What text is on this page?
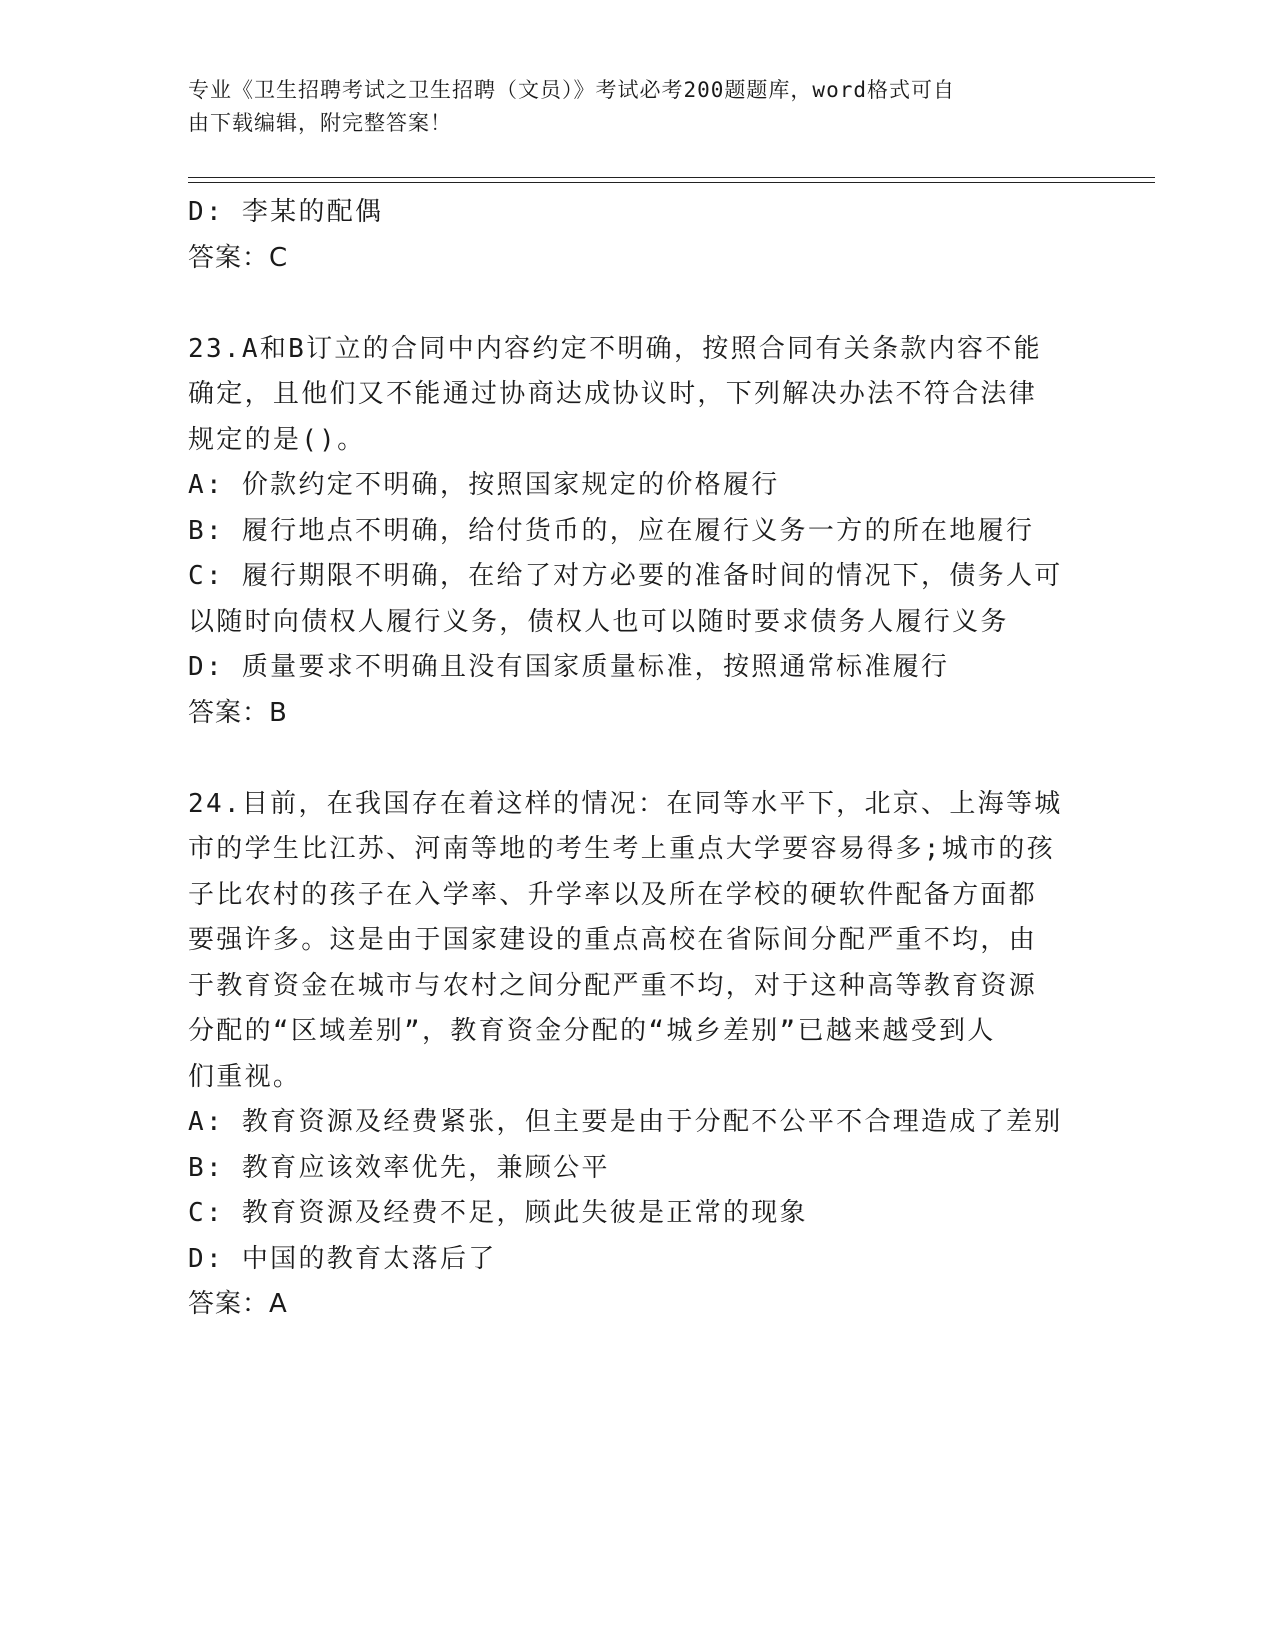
专业《卫生招聘考试之卫生招聘（文员）》考试必考200题题库，word格式可自
由下载编辑，附完整答案！
D: 李某的配偶
答案：C
23.A和B订立的合同中内容约定不明确，按照合同有关条款内容不能
确定，且他们又不能通过协商达成协议时，下列解决办法不符合法律
规定的是()。
A: 价款约定不明确，按照国家规定的价格履行
B: 履行地点不明确，给付货币的，应在履行义务一方的所在地履行
C: 履行期限不明确，在给了对方必要的准备时间的情况下，债务人可
以随时向债权人履行义务，债权人也可以随时要求债务人履行义务
D: 质量要求不明确且没有国家质量标准，按照通常标准履行
答案：B
24.目前，在我国存在着这样的情况：在同等水平下，北京、上海等城
市的学生比江苏、河南等地的考生考上重点大学要容易得多;城市的孩
子比农村的孩子在入学率、升学率以及所在学校的硬软件配备方面都
要强许多。这是由于国家建设的重点高校在省际间分配严重不均，由
于教育资金在城市与农村之间分配严重不均，对于这种高等教育资源
分配的“区域差别”，教育资金分配的“城乡差别”已越来越受到人
们重视。
A: 教育资源及经费紧张，但主要是由于分配不公平不合理造成了差别
B: 教育应该效率优先，兼顾公平
C: 教育资源及经费不足，顾此失彼是正常的现象
D: 中国的教育太落后了
答案：A
